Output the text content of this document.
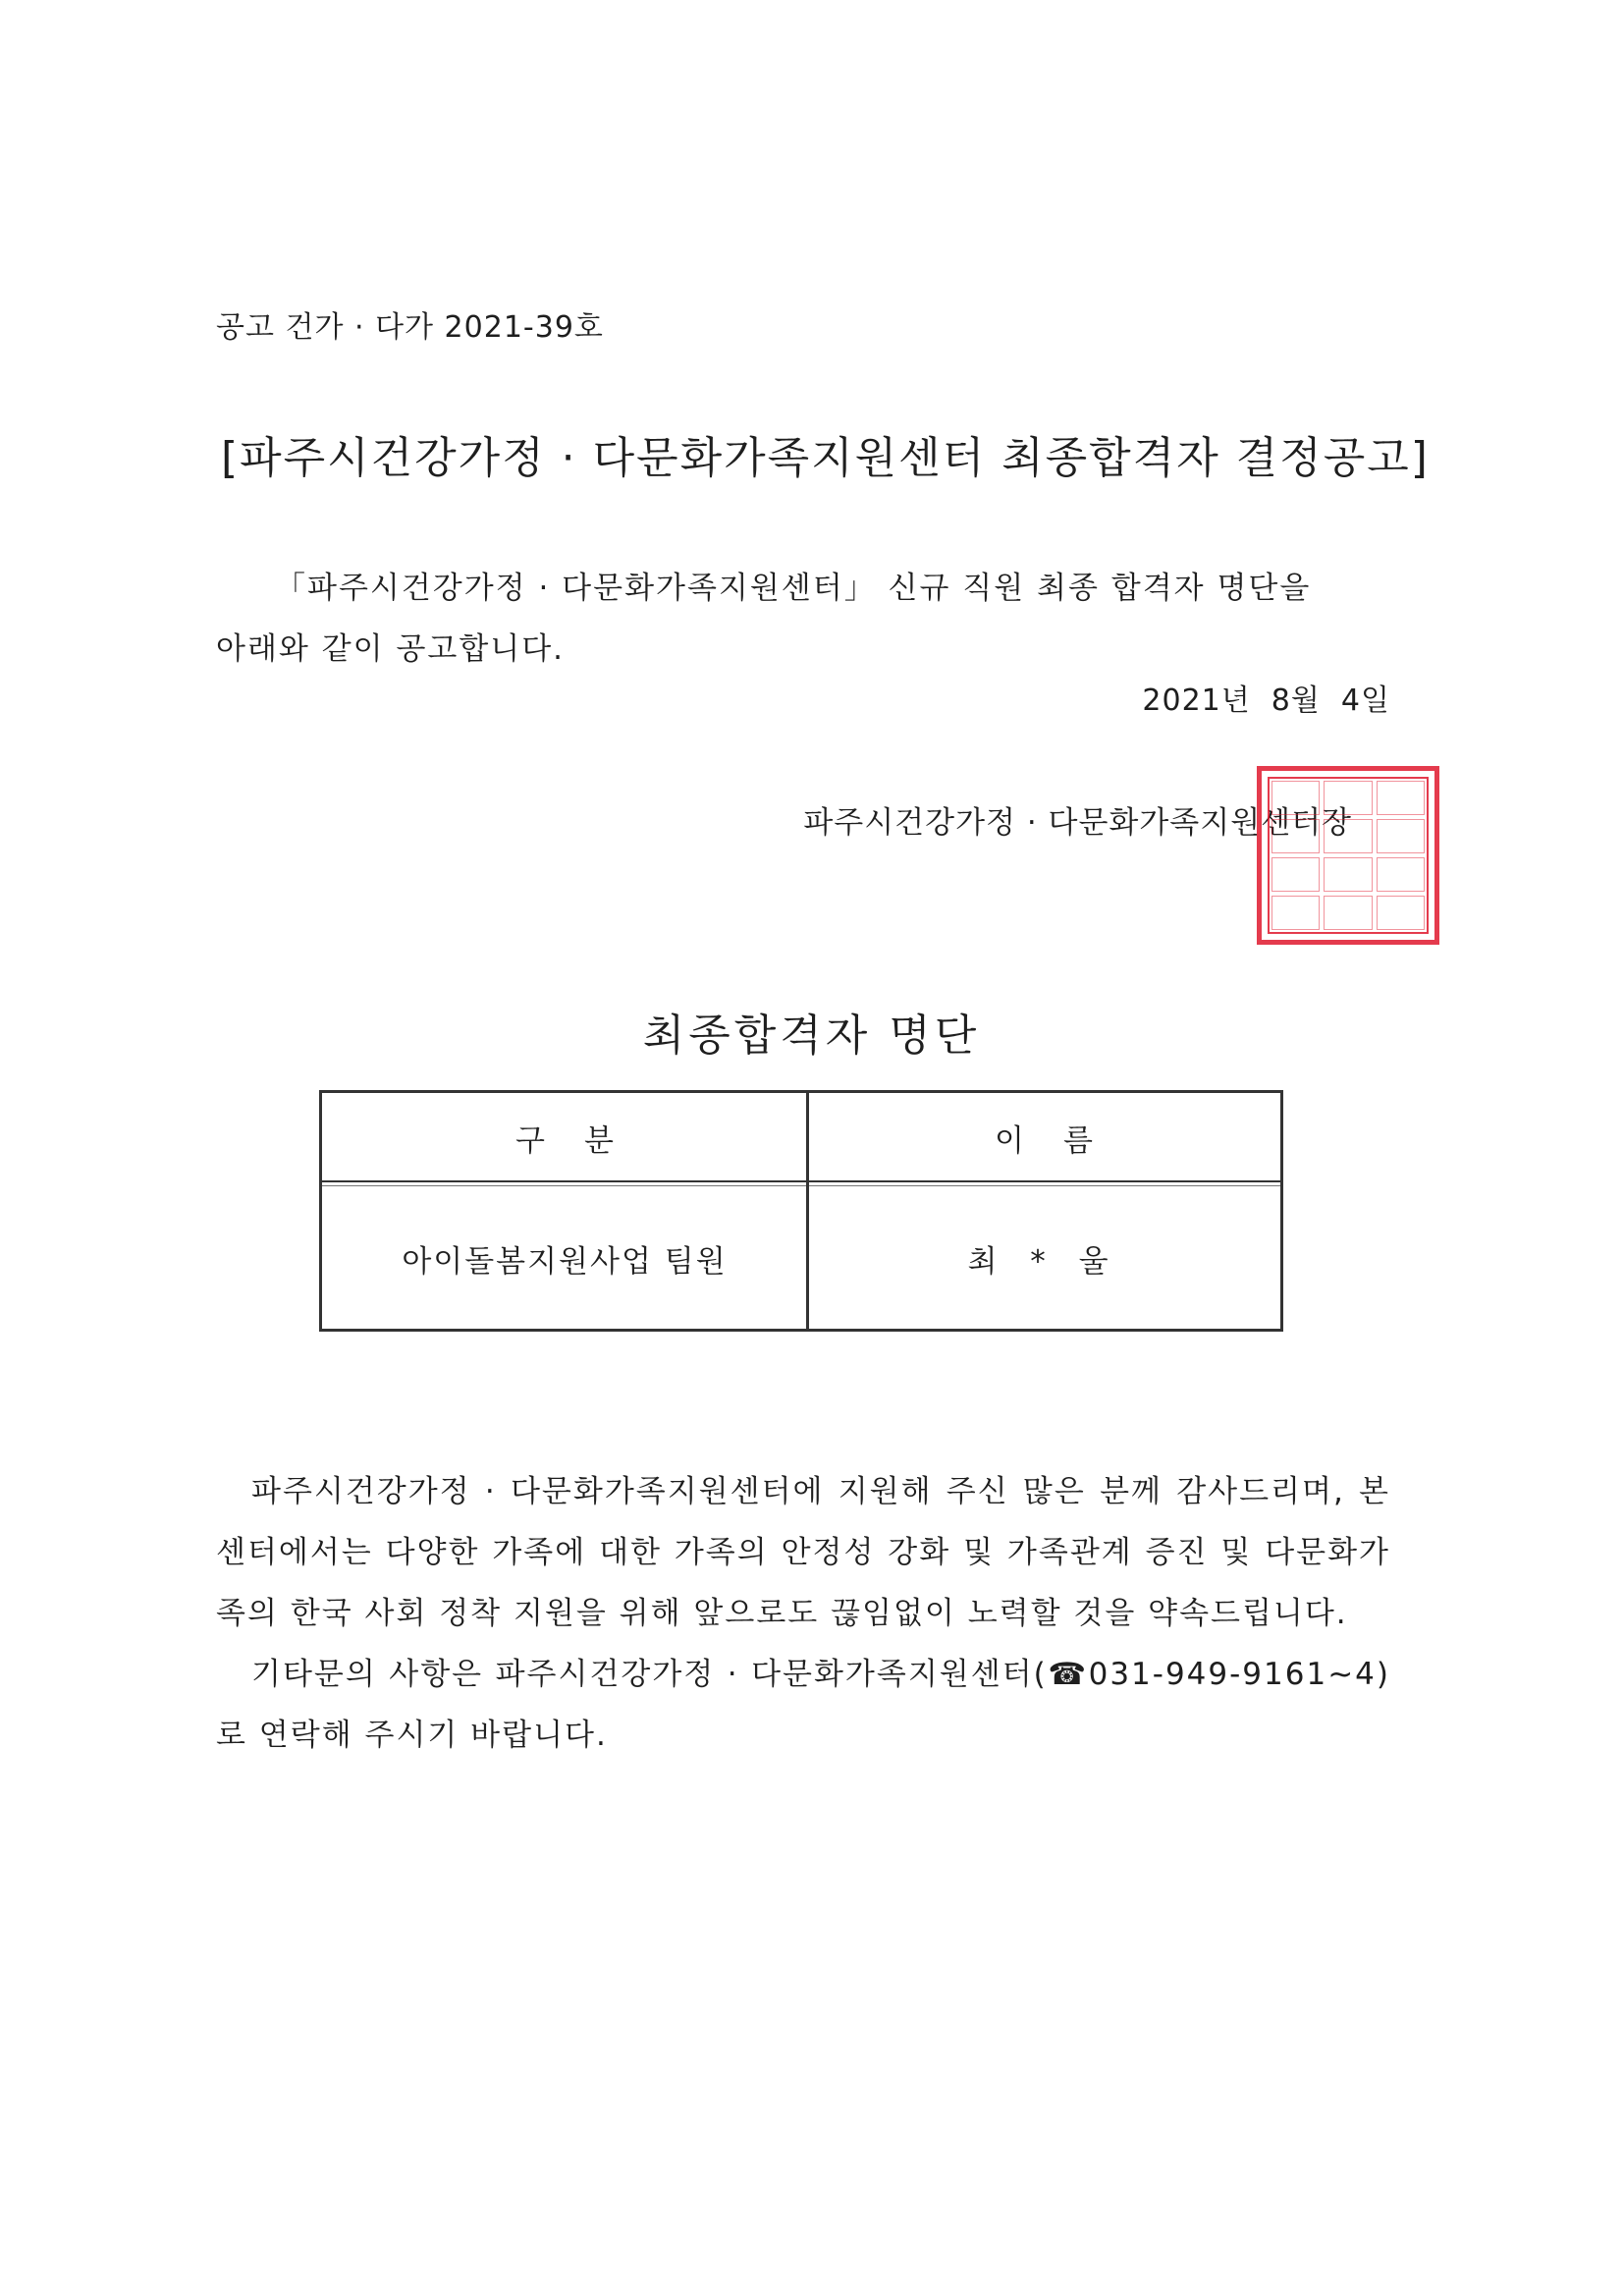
공고 건가 · 다가 2021-39호

[파주시건강가정 · 다문화가족지원센터 최종합격자 결정공고]
「파주시건강가정 · 다문화가족지원센터」 신규 직원 최종 합격자 명단을
아래와 같이 공고합니다.

2021년  8월  4일

파주시건강가정 · 다문화가족지원센터장

최종합격자 명단
구분	이름
아이돌봄지원사업 팀원	최 * 울

파주시건강가정 · 다문화가족지원센터에 지원해 주신 많은 분께 감사드리며, 본 센터에서는 다양한 가족에 대한 가족의 안정성 강화 및 가족관계 증진 및 다문화가족의 한국 사회 정착 지원을 위해 앞으로도 끊임없이 노력할 것을 약속드립니다.

기타문의 사항은 파주시건강가정 · 다문화가족지원센터(☎031-949-9161~4)로 연락해 주시기 바랍니다.
